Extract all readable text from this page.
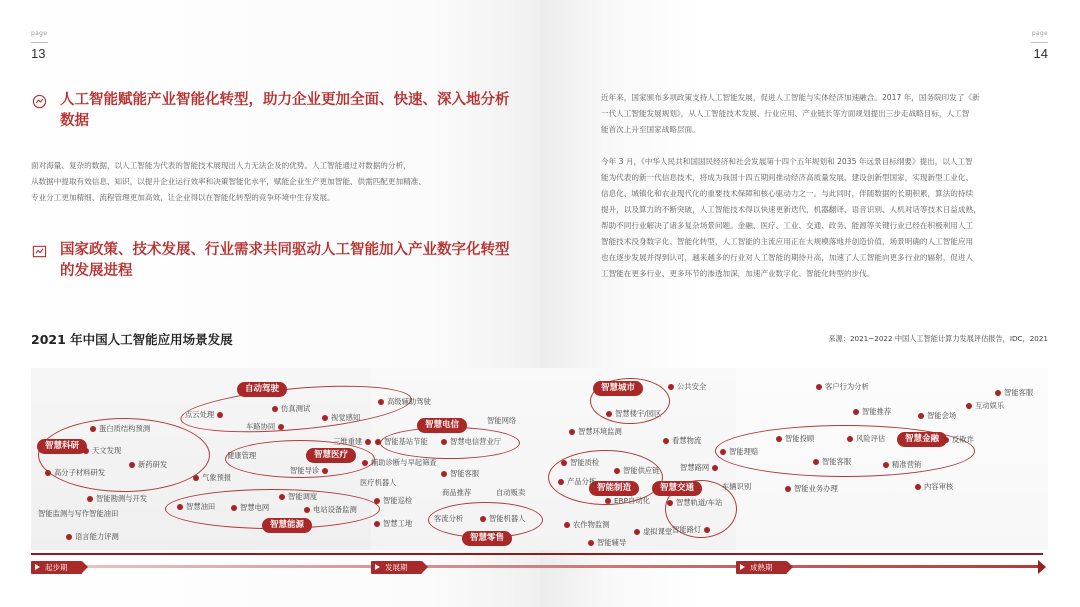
page
13
人工智能赋能产业智能化转型，助力企业更加全面、快速、深入地分析
数据
面对海量、复杂的数据，以人工智能为代表的智能技术展现出人力无法企及的优势。人工智能通过对数据的分析，
从数据中提取有效信息、知识，以提升企业运行效率和决策智能化水平，赋能企业生产更加智能、供需匹配更加精准、
专业分工更加精细、流程管理更加高效，让企业得以在智能化转型的竞争环境中生存发展。
国家政策、技术发展、行业需求共同驱动人工智能加入产业数字化转型
的发展进程
page
14
近年来，国家颁布多项政策支持人工智能发展，促进人工智能与实体经济加速融合。2017 年，国务院印发了《新
一代人工智能发展规划》，从人工智能技术发展、行业应用、产业链长等方面规划提出三步走战略目标，人工智
能首次上升至国家战略层面。
今年 3 月，《中华人民共和国国民经济和社会发展第十四个五年规划和 2035 年远景目标纲要》提出，以人工智
能为代表的新一代信息技术，将成为我国十四五期间推动经济高质量发展、建设创新型国家，实现新型工业化、
信息化、城镇化和农业现代化的重要技术保障和核心驱动力之一。与此同时，伴随数据的长期积累，算法的持续
提升，以及算力的不断突破，人工智能技术得以快速更新迭代，机器翻译、语音识别、人机对话等技术日益成熟，
帮助不同行业解决了诸多复杂场景问题。金融、医疗、工业、交通、政务、能源等关键行业已经在积极利用人工
智能技术没身数字化、智能化转型，人工智能的主流应用正在大规模落地并创造价值，场景明确的人工智能应用
也在逐步发展并得到认可，越来越多的行业对人工智能的期待升高，加速了人工智能向更多行业的辐射，促进人
工智能在更多行业、更多环节的渗透加深，加速产业数字化、智能化转型的步伐。
2021 年中国人工智能应用场景发展	来源：2021~2022 中国人工智能计算力发展评估报告，IDC，2021
自动驾驶
智慧科研
智慧医疗
智慧电信
智慧能源
智慧零售
智慧城市
智能制造	智慧交通
智慧金融
高级辅助驾驶
点云处理
仿真测试
视觉感知
车路协同
蛋白质结构预测
天文发现
新药研发
高分子材料研发
气象预报
健康管理
三维重建
智能导诊
辅助诊断与早起筛查
医疗机器人
智能网络
智能基站节能	智慧电信营业厅
智能客服
智能监测与写作智能油田
智能勘测与开发	智能调度
智慧油田	智慧电网	电站设备监测
智能巡检
语言能力评测
商品推荐	自动贩卖
客流分析	智能机器人
智慧工地
公共安全
智慧楼宇/园区
智慧环境监测
看慧物流
智能质检
产品分拣
智能供应链
ERP自动化
农作物监测
智能辅导
虚拟课堂
智慧路网
车辆识别
智慧轨道/车站
智能路灯
客户行为分析
智能推荐
智能投顾	风险评估	反欺诈
智能理赔
智能客服	精准营销
智能业务办理	内容审核
智能会场
互动娱乐
智能客服
起步期	发展期	成熟期
